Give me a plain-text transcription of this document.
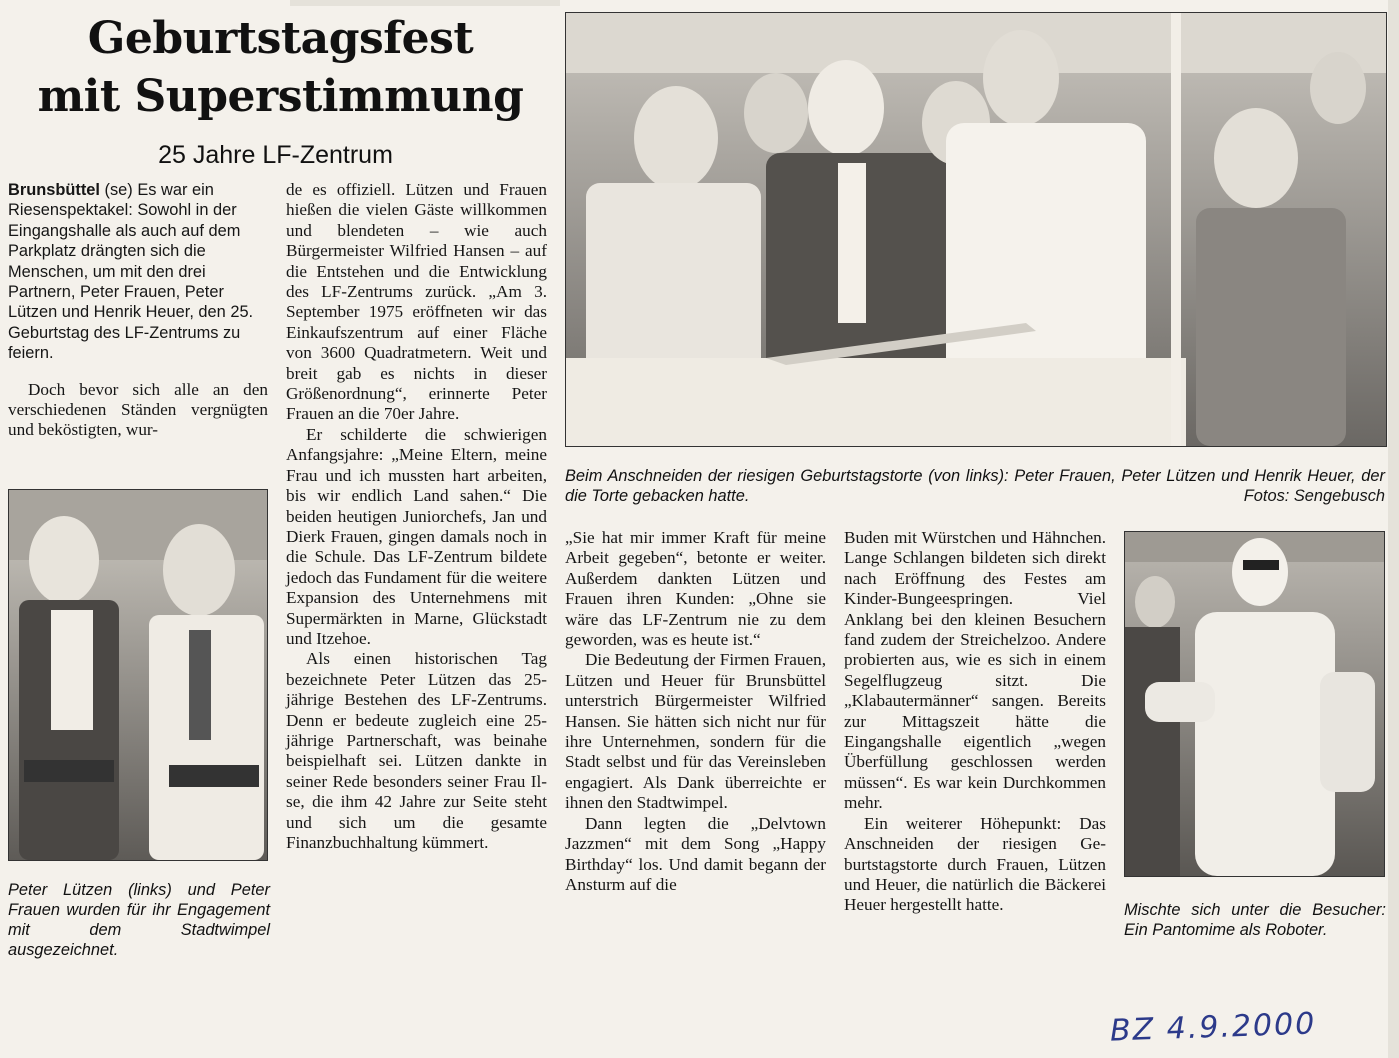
Geburtstagsfest
mit Superstimmung
25 Jahre LF-Zentrum

Brunsbüttel (se) Es war ein Riesenspektakel: Sowohl in der Eingangshalle als auch auf dem Parkplatz drängten sich die Menschen, um mit den drei Partnern, Peter Frauen, Peter Lützen und Henrik Heuer, den 25. Geburtstag des LF-Zentrums zu feiern.

Doch bevor sich alle an den verschiedenen Ständen vergnügten und beköstigten, wur-

Peter Lützen (links) und Peter Frauen wurden für ihr Engagement mit dem Stadtwimpel ausgezeichnet.

de es offiziell. Lützen und Frauen hießen die vielen Gäste willkommen und blendeten – wie auch Bürgermeister Wilfried Hansen – auf die Entstehen und die Entwicklung des LF-Zentrums zurück. „Am 3. September 1975 eröffneten wir das Einkaufszentrum auf einer Fläche von 3600 Quadratmetern. Weit und breit gab es nichts in dieser Größenordnung“, erinnerte Peter Frauen an die 70er Jahre.

Er schilderte die schwierigen Anfangsjahre: „Meine Eltern, meine Frau und ich mussten hart arbeiten, bis wir endlich Land sahen.“ Die beiden heutigen Juniorchefs, Jan und Dierk Frauen, gingen damals noch in die Schule. Das LF-Zentrum bildete jedoch das Fundament für die weitere Expansion des Unternehmens mit Supermärkten in Marne, Glückstadt und Itzehoe.

Als einen historischen Tag bezeichnete Peter Lützen das 25-jährige Bestehen des LF-Zentrums. Denn er bedeute zugleich eine 25-jährige Partnerschaft, was beinahe beispielhaft sei. Lützen dankte in seiner Rede besonders seiner Frau Ilse, die ihm 42 Jahre zur Seite steht und sich um die gesamte Finanzbuchhaltung kümmert.

Beim Anschneiden der riesigen Geburtstagstorte (von links): Peter Frauen, Peter Lützen und Henrik Heuer, der die Torte gebacken hatte.	Fotos: Sengebusch

„Sie hat mir immer Kraft für meine Arbeit gegeben“, betonte er weiter. Außerdem dankten Lützen und Frauen ihren Kunden: „Ohne sie wäre das LF-Zentrum nie zu dem geworden, was es heute ist.“

Die Bedeutung der Firmen Frauen, Lützen und Heuer für Brunsbüttel unterstrich Bürgermeister Wilfried Hansen. Sie hätten sich nicht nur für ihre Unternehmen, sondern für die Stadt selbst und für das Vereinsleben engagiert. Als Dank überreichte er ihnen den Stadtwimpel.

Dann legten die „Delvtown Jazzmen“ mit dem Song „Happy Birthday“ los. Und damit begann der Ansturm auf die

Buden mit Würstchen und Hähnchen. Lange Schlangen bildeten sich direkt nach Eröffnung des Festes am Kinder-Bungeespringen. Viel Anklang bei den kleinen Besuchern fand zudem der Streichelzoo. Andere probierten aus, wie es sich in einem Segelflugzeug sitzt. Die „Klabautermänner“ sangen. Bereits zur Mittagszeit hätte die Eingangshalle eigentlich „wegen Überfüllung geschlossen werden müssen“. Es war kein Durchkommen mehr.

Ein weiterer Höhepunkt: Das Anschneiden der riesigen Geburtstagstorte durch Frauen, Lützen und Heuer, die natürlich die Bäckerei Heuer hergestellt hatte.	Mischte sich unter die Besucher: Ein Pantomime als Roboter.

BZ 4.9.2000
